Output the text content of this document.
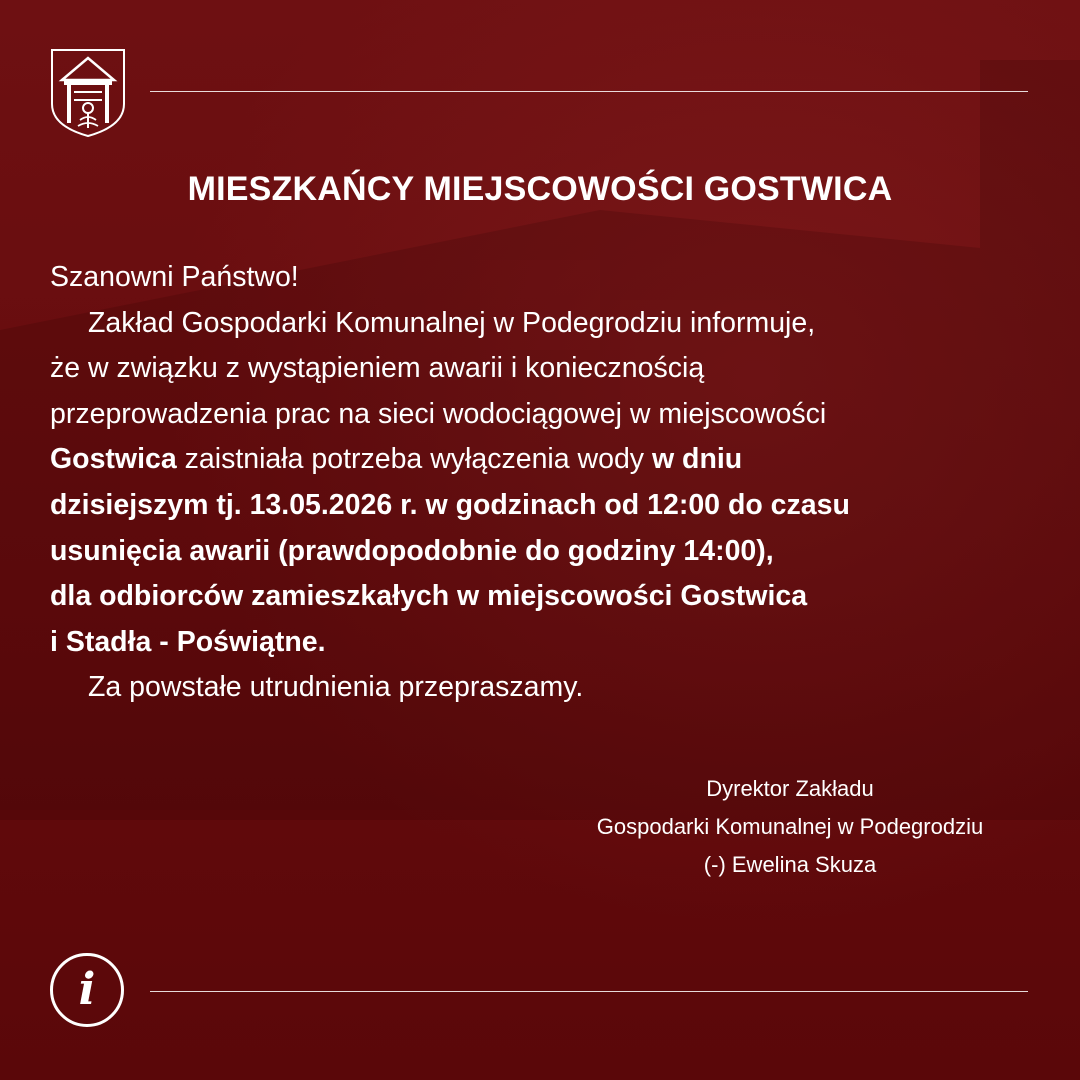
MIESZKAŃCY MIEJSCOWOŚCI GOSTWICA

Szanowni Państwo!

Zakład Gospodarki Komunalnej w Podegrodziu informuje,

że w związku z wystąpieniem awarii i koniecznością

przeprowadzenia prac na sieci wodociągowej w miejscowości

Gostwica zaistniała potrzeba wyłączenia wody w dniu

dzisiejszym tj. 13.05.2026 r. w godzinach od 12:00 do czasu

usunięcia awarii (prawdopodobnie do godziny 14:00),

dla odbiorców zamieszkałych w miejscowości Gostwica

i Stadła - Poświątne.

Za powstałe utrudnienia przepraszamy.

Dyrektor Zakładu
Gospodarki Komunalnej w Podegrodziu
(-) Ewelina Skuza
i
